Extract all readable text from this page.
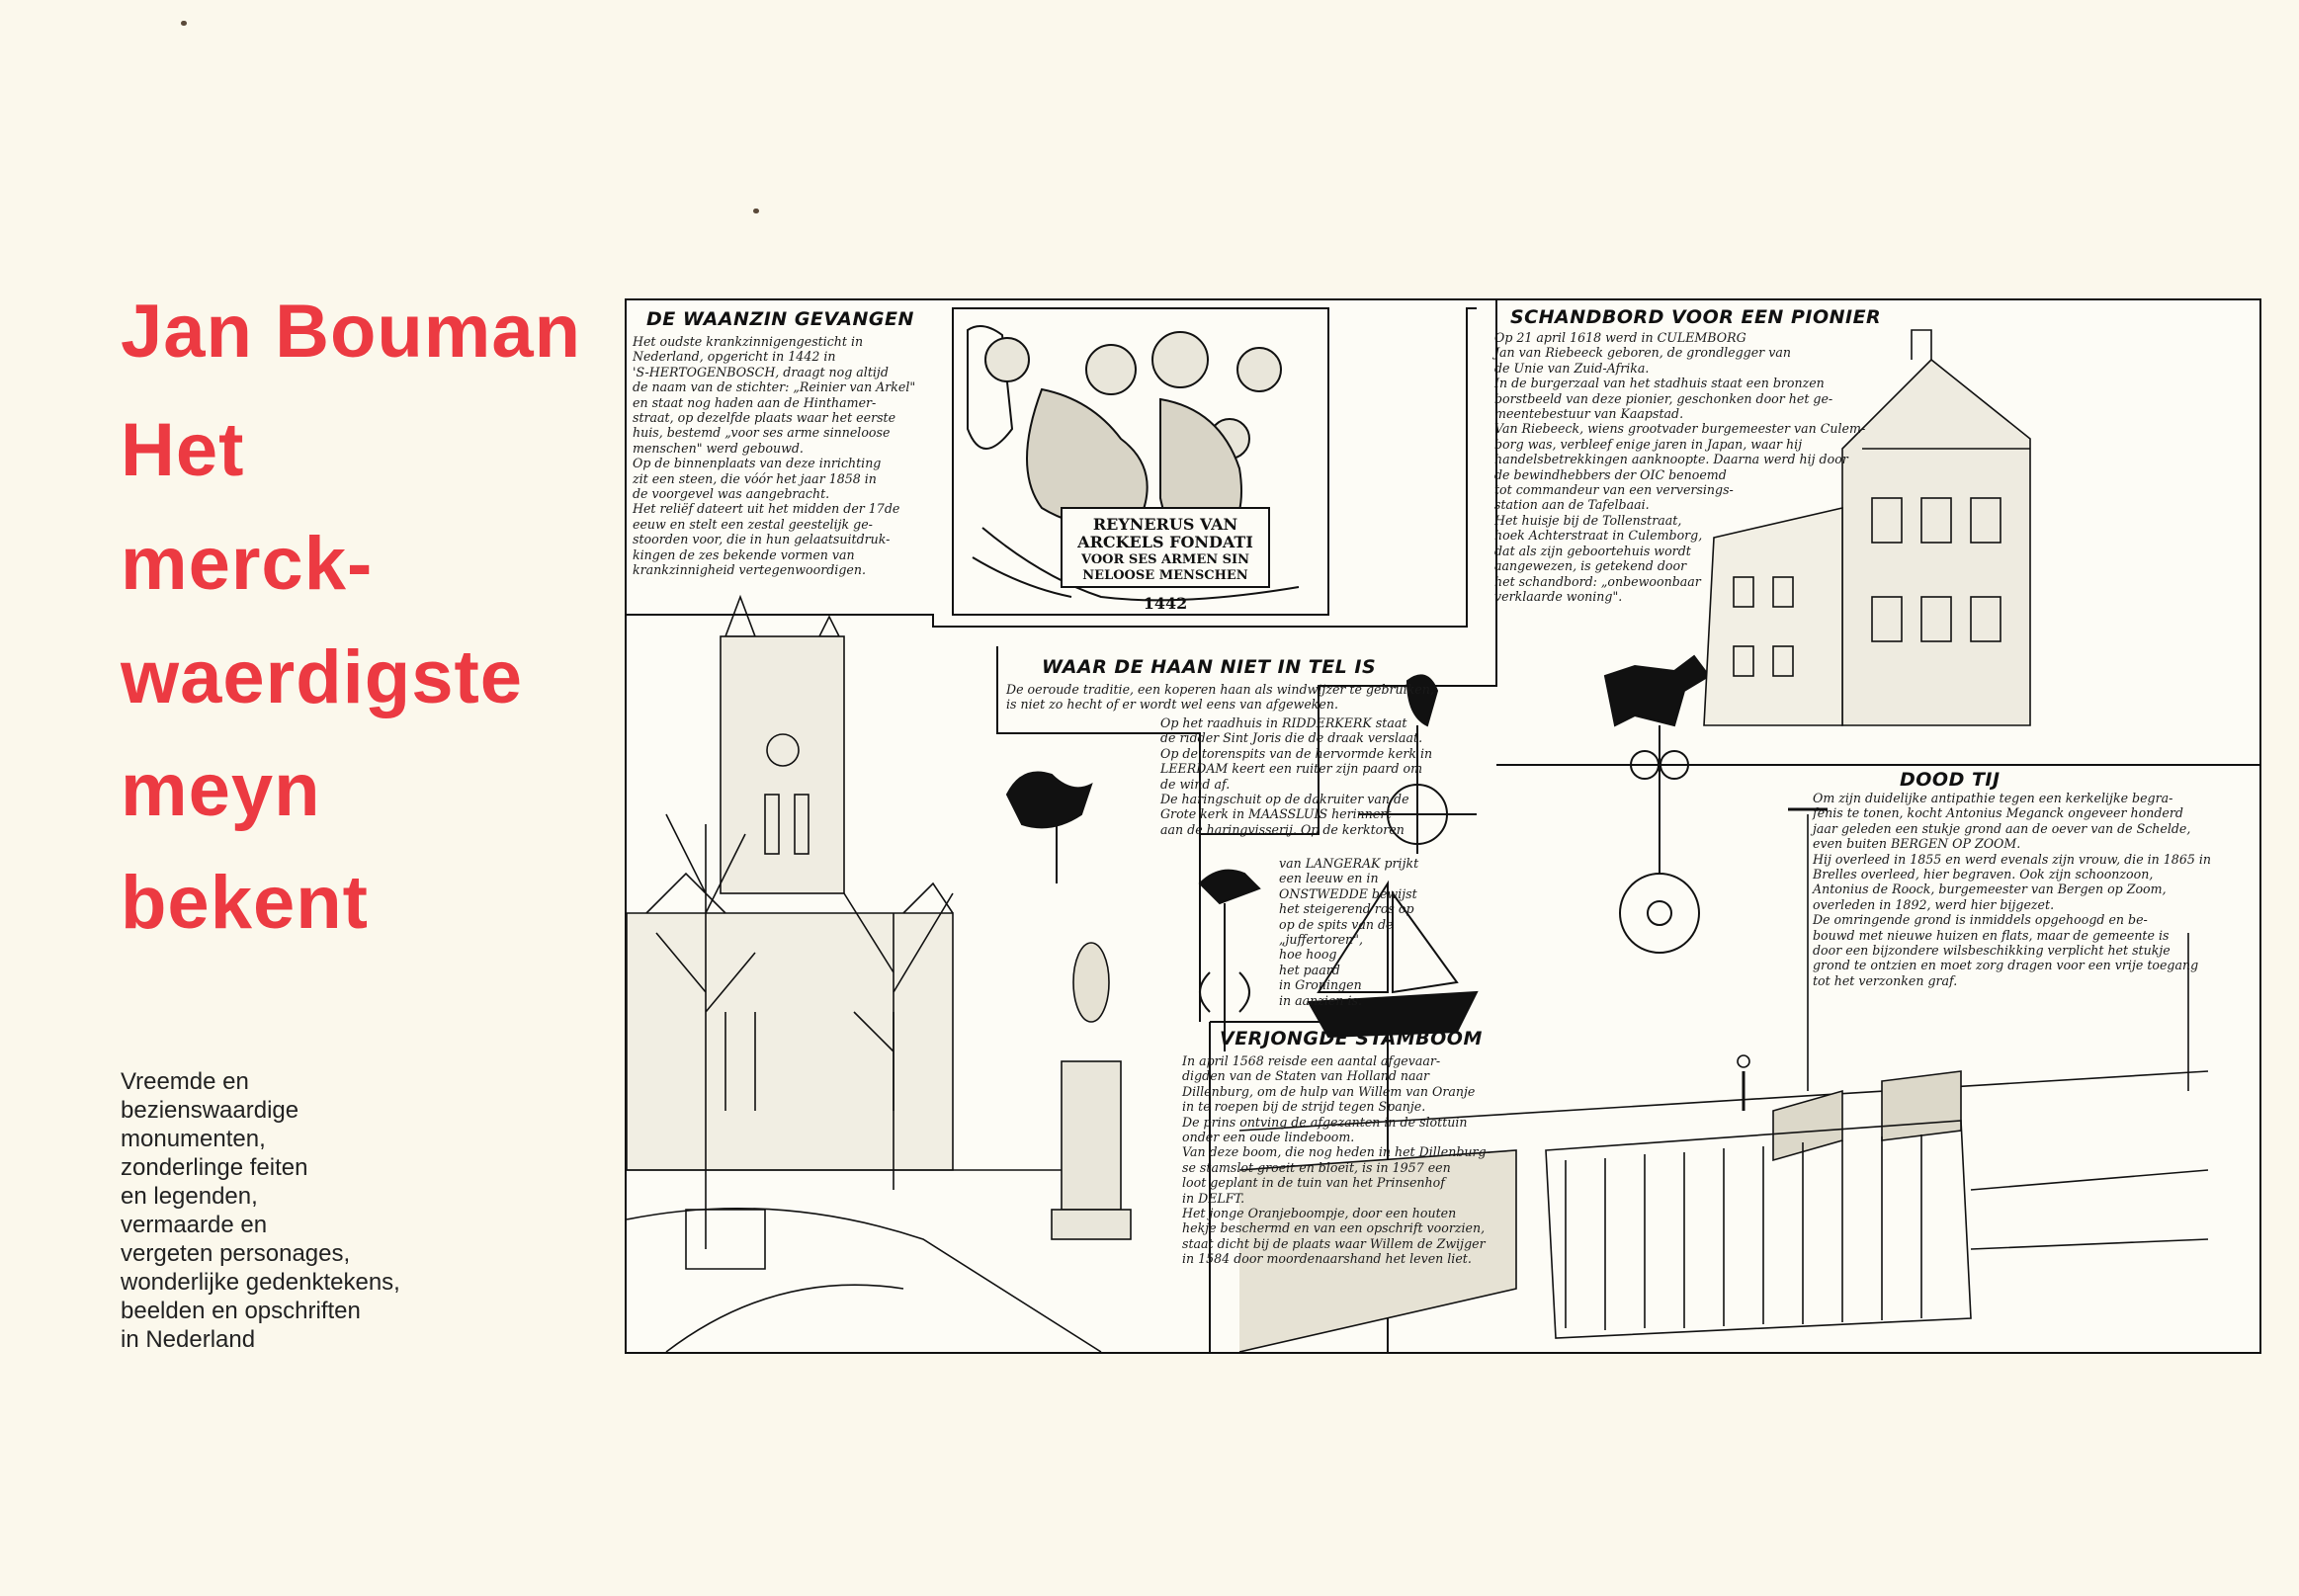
Jan Bouman
Het
merck-
waerdigste
meyn
bekent
Vreemde en
bezienswaardige
monumenten,
zonderlinge feiten
en legenden,
vermaarde en
vergeten personages,
wonderlijke gedenktekens,
beelden en opschriften
in Nederland
REYNERUS VAN
ARCKELS FONDATI
VOOR SES ARMEN SIN
NELOOSE MENSCHEN
1442
DE WAANZIN GEVANGEN
Het oudste krankzinnigengesticht in
Nederland, opgericht in 1442 in
'S-HERTOGENBOSCH, draagt nog altijd
de naam van de stichter: „Reinier van Arkel"
en staat nog haden aan de Hinthamer-
straat, op dezelfde plaats waar het eerste
huis, bestemd „voor ses arme sinneloose
menschen" werd gebouwd.
Op de binnenplaats van deze inrichting
zit een steen, die vóór het jaar 1858 in
de voorgevel was aangebracht.
Het reliëf dateert uit het midden der 17de
eeuw en stelt een zestal geestelijk ge-
stoorden voor, die in hun gelaatsuitdruk-
kingen de zes bekende vormen van
krankzinnigheid vertegenwoordigen.
SCHANDBORD VOOR EEN PIONIER
Op 21 april 1618 werd in CULEMBORG
Jan van Riebeeck geboren, de grondlegger van
de Unie van Zuid-Afrika.
In de burgerzaal van het stadhuis staat een bronzen
borstbeeld van deze pionier, geschonken door het ge-
meentebestuur van Kaapstad.
Van Riebeeck, wiens grootvader burgemeester van Culem-
borg was, verbleef enige jaren in Japan, waar hij
handelsbetrekkingen aanknoopte. Daarna werd hij door
de bewindhebbers der OIC benoemd
tot commandeur van een verversings-
station aan de Tafelbaai.
Het huisje bij de Tollenstraat,
hoek Achterstraat in Culemborg,
dat als zijn geboortehuis wordt
aangewezen, is getekend door
het schandbord: „onbewoonbaar
verklaarde woning".
WAAR DE HAAN NIET IN TEL IS
De oeroude traditie, een koperen haan als windwijzer te gebruiken,
is niet zo hecht of er wordt wel eens van afgeweken.
Op het raadhuis in RIDDERKERK staat
de ridder Sint Joris die de draak verslaat.
Op de torenspits van de hervormde kerk in
LEERDAM keert een ruiter zijn paard om
de wind af.
De haringschuit op de dakruiter van de
Grote kerk in MAASSLUIS herinnert
aan de haringvisserij. Op de kerktoren
van LANGERAK prijkt
een leeuw en in
ONSTWEDDE bewijst
het steigerend ros op
op de spits van de
„juffertoren",
hoe hoog
het paard
in Groningen
in aanzien is.
DOOD TIJ
Om zijn duidelijke antipathie tegen een kerkelijke begra-
fenis te tonen, kocht Antonius Meganck ongeveer honderd
jaar geleden een stukje grond aan de oever van de Schelde,
even buiten BERGEN OP ZOOM.
Hij overleed in 1855 en werd evenals zijn vrouw, die in 1865 in
Brelles overleed, hier begraven. Ook zijn schoonzoon,
Antonius de Roock, burgemeester van Bergen op Zoom,
overleden in 1892, werd hier bijgezet.
De omringende grond is inmiddels opgehoogd en be-
bouwd met nieuwe huizen en flats, maar de gemeente is
door een bijzondere wilsbeschikking verplicht het stukje
grond te ontzien en moet zorg dragen voor een vrije toegang
tot het verzonken graf.
VERJONGDE STAMBOOM
In april 1568 reisde een aantal afgevaar-
digden van de Staten van Holland naar
Dillenburg, om de hulp van Willem van Oranje
in te roepen bij de strijd tegen Spanje.
De prins ontving de afgezanten in de slottuin
onder een oude lindeboom.
Van deze boom, die nog heden in het Dillenburg-
se stamslot groeit en bloeit, is in 1957 een
loot geplant in de tuin van het Prinsenhof
in DELFT.
Het jonge Oranjeboompje, door een houten
hekje beschermd en van een opschrift voorzien,
staat dicht bij de plaats waar Willem de Zwijger
in 1584 door moordenaarshand het leven liet.
